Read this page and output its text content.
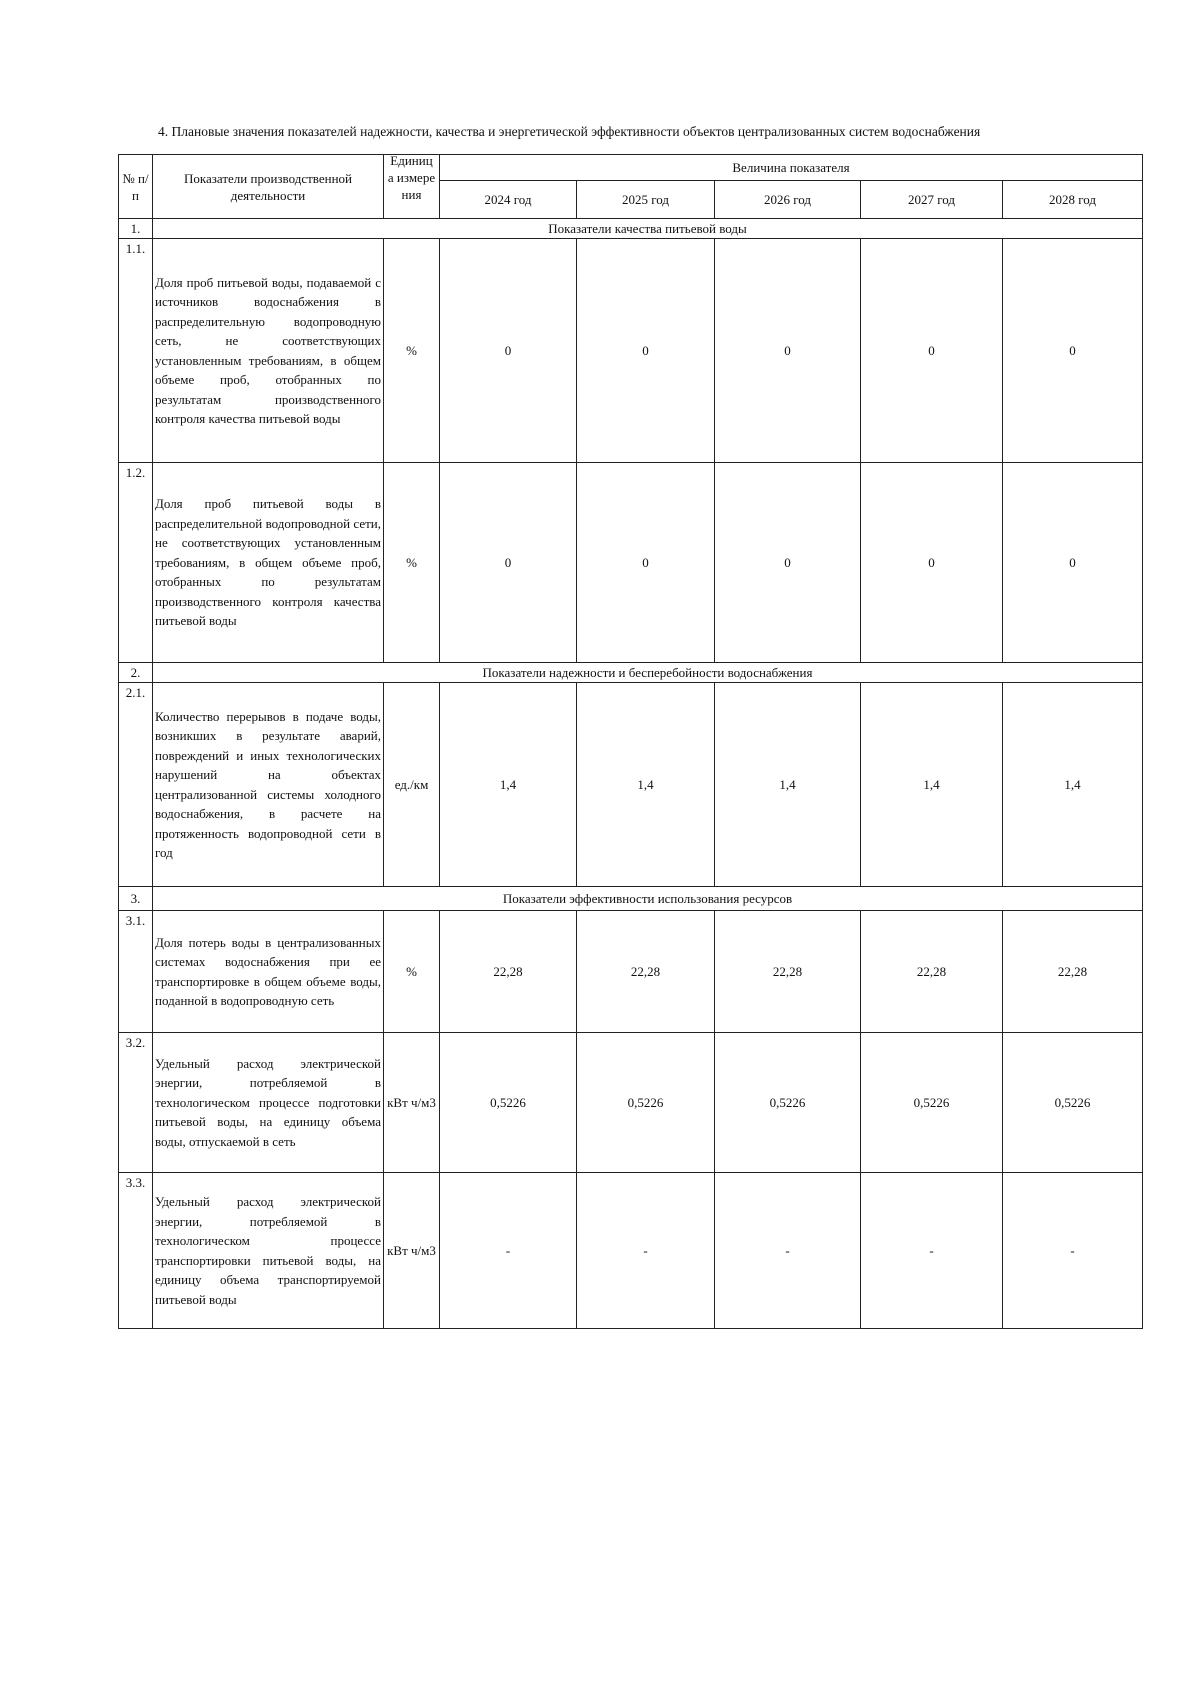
4. Плановые значения показателей надежности, качества и энергетической эффективности объектов централизованных систем водоснабжения
№ п/п	Показатели производственной деятельности	Единица измерения	Величина показателя				
			2024 год	2025 год	2026 год	2027 год	2028 год
1.	Показатели качества питьевой воды						
1.1.	Доля проб питьевой воды, подаваемой с источников водоснабжения в распределительную водопроводную сеть, не соответствующих установленным требованиям, в общем объеме проб, отобранных по результатам производственного контроля качества питьевой воды	%	0	0	0	0	0
1.2.	Доля проб питьевой воды в распределительной водопроводной сети, не соответствующих установленным требованиям, в общем объеме проб, отобранных по результатам производственного контроля качества питьевой воды	%	0	0	0	0	0
2.	Показатели надежности и бесперебойности водоснабжения						
2.1.	Количество перерывов в подаче воды, возникших в результате аварий, повреждений и иных технологических нарушений на объектах централизованной системы холодного водоснабжения, в расчете на протяженность водопроводной сети в год	ед./км	1,4	1,4	1,4	1,4	1,4
3.	Показатели эффективности использования ресурсов						
3.1.	Доля потерь воды в централизованных системах водоснабжения при ее транспортировке в общем объеме воды, поданной в водопроводную сеть	%	22,28	22,28	22,28	22,28	22,28
3.2.	Удельный расход электрической энергии, потребляемой в технологическом процессе подготовки питьевой воды, на единицу объема воды, отпускаемой в сеть	кВт ч/м3	0,5226	0,5226	0,5226	0,5226	0,5226
3.3.	Удельный расход электрической энергии, потребляемой в технологическом процессе транспортировки питьевой воды, на единицу объема транспортируемой питьевой воды	кВт ч/м3	-	-	-	-	-
